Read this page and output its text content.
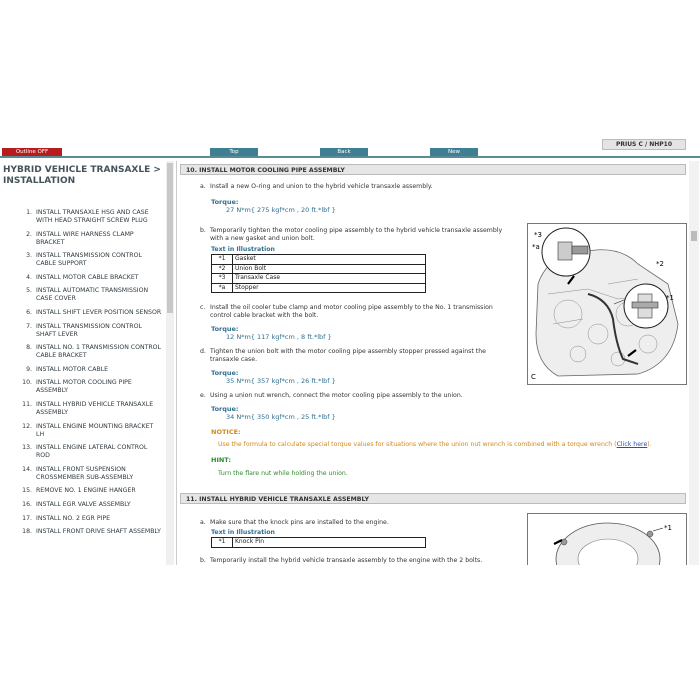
Outline OFF	Top	Back	New
PRIUS C / NHP10
HYBRID VEHICLE TRANSAXLE > INSTALLATION
1. INSTALL TRANSAXLE HSG AND CASE WITH HEAD STRAIGHT SCREW PLUG
2. INSTALL WIRE HARNESS CLAMP BRACKET
3. INSTALL TRANSMISSION CONTROL CABLE SUPPORT
4. INSTALL MOTOR CABLE BRACKET
5. INSTALL AUTOMATIC TRANSMISSION CASE COVER
6. INSTALL SHIFT LEVER POSITION SENSOR
7. INSTALL TRANSMISSION CONTROL SHAFT LEVER
8. INSTALL NO. 1 TRANSMISSION CONTROL CABLE BRACKET
9. INSTALL MOTOR CABLE
10. INSTALL MOTOR COOLING PIPE ASSEMBLY
11. INSTALL HYBRID VEHICLE TRANSAXLE ASSEMBLY
12. INSTALL ENGINE MOUNTING BRACKET LH
13. INSTALL ENGINE LATERAL CONTROL ROD
14. INSTALL FRONT SUSPENSION CROSSMEMBER SUB-ASSEMBLY
15. REMOVE NO. 1 ENGINE HANGER
16. INSTALL EGR VALVE ASSEMBLY
17. INSTALL NO. 2 EGR PIPE
18. INSTALL FRONT DRIVE SHAFT ASSEMBLY
10. INSTALL MOTOR COOLING PIPE ASSEMBLY
a. Install a new O-ring and union to the hybrid vehicle transaxle assembly.
Torque:
27 N*m{ 275 kgf*cm , 20 ft.*lbf }
b. Temporarily tighten the motor cooling pipe assembly to the hybrid vehicle transaxle assembly
with a new gasket and union bolt.
Text in Illustration
*1	Gasket
*2	Union Bolt
*3	Transaxle Case
*a	Stopper
c. Install the oil cooler tube clamp and motor cooling pipe assembly to the No. 1 transmission
control cable bracket with the bolt.
Torque:
12 N*m{ 117 kgf*cm , 8 ft.*lbf }
d. Tighten the union bolt with the motor cooling pipe assembly stopper pressed against the
transaxle case.
Torque:
35 N*m{ 357 kgf*cm , 26 ft.*lbf }
e. Using a union nut wrench, connect the motor cooling pipe assembly to the union.
Torque:
34 N*m{ 350 kgf*cm , 25 ft.*lbf }
NOTICE:
Use the formula to calculate special torque values for situations where the union nut wrench is combined with a torque wrench (Click here).
HINT:
Turn the flare nut while holding the union.
*3
*a
*2
*1
C
11. INSTALL HYBRID VEHICLE TRANSAXLE ASSEMBLY
a. Make sure that the knock pins are installed to the engine.
Text in Illustration
*1	Knock Pin
b. Temporarily install the hybrid vehicle transaxle assembly to the engine with the 2 bolts.
*1
